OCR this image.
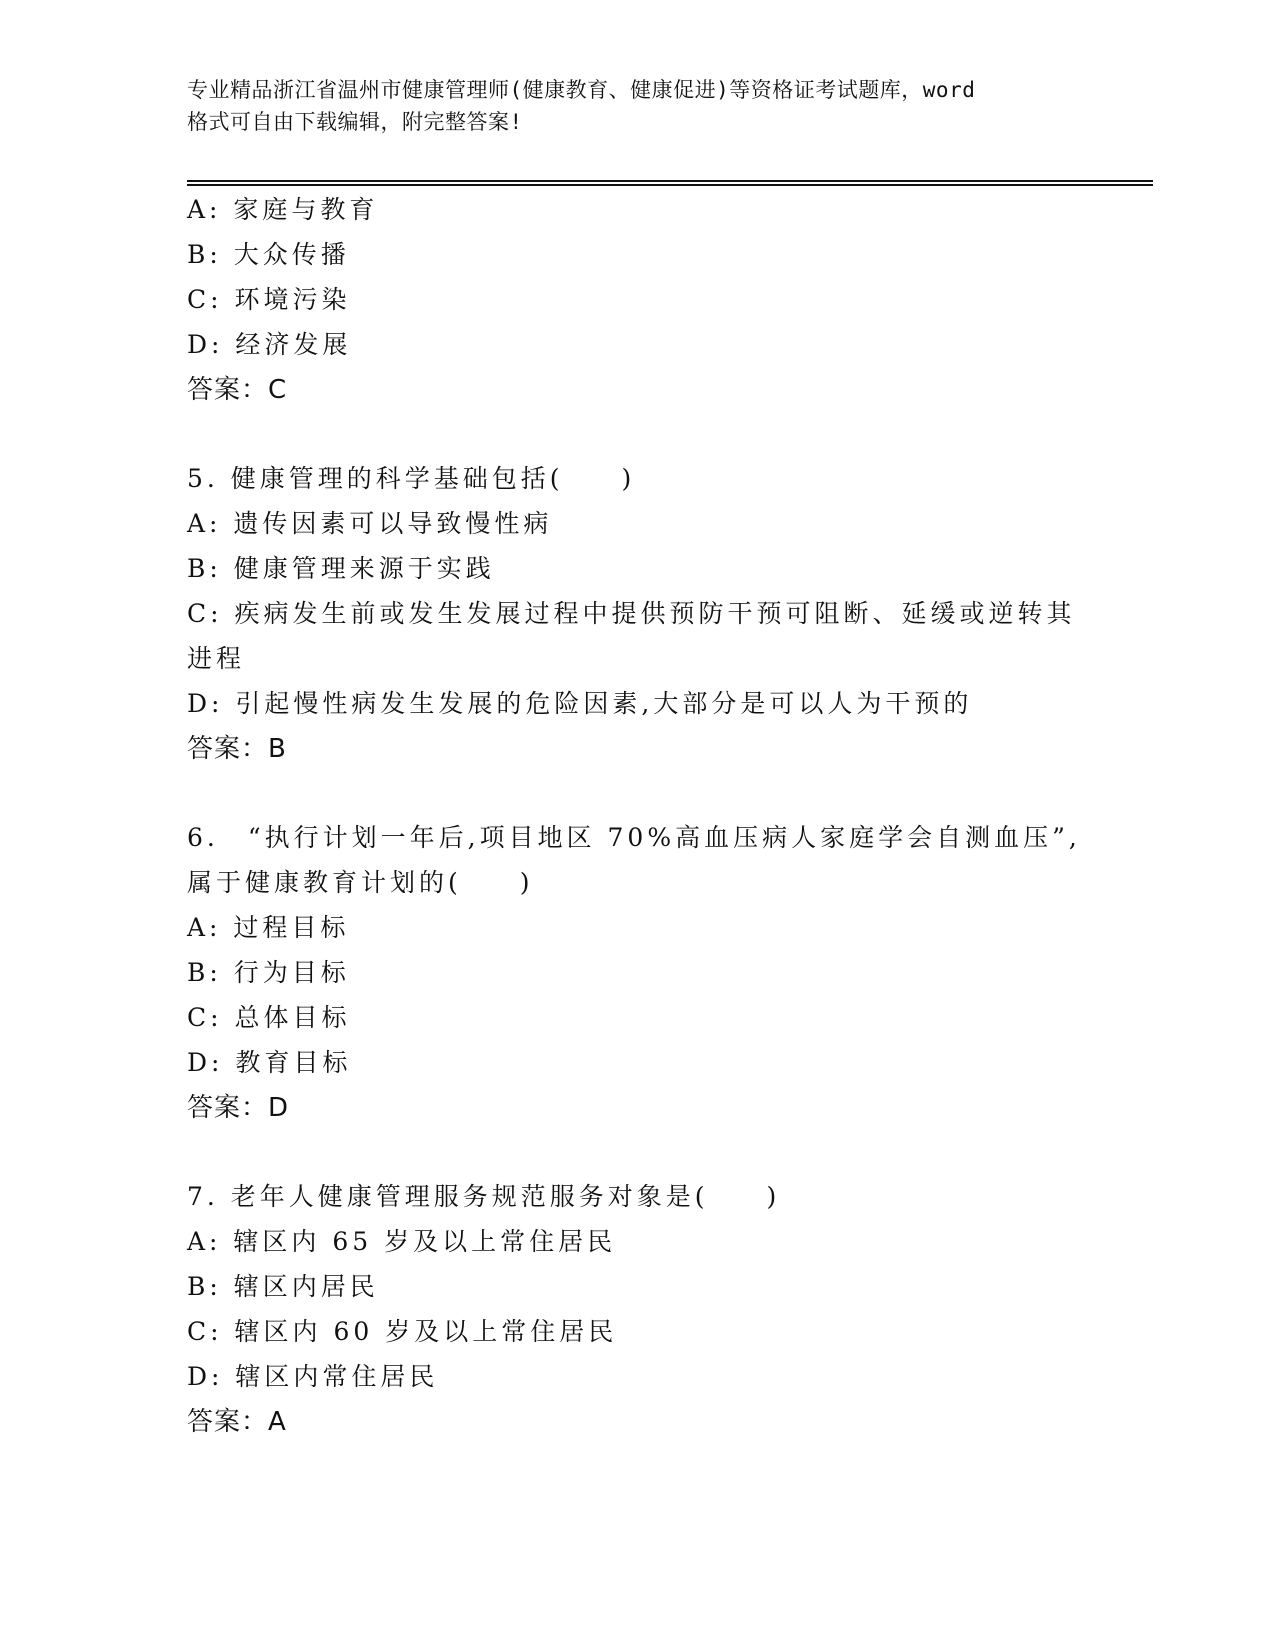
专业精品浙江省温州市健康管理师(健康教育、健康促进)等资格证考试题库，word
格式可自由下载编辑，附完整答案!
A: 家庭与教育
B: 大众传播
C: 环境污染
D: 经济发展
答案：C
5. 健康管理的科学基础包括(　　)
A: 遗传因素可以导致慢性病
B: 健康管理来源于实践
C: 疾病发生前或发生发展过程中提供预防干预可阻断、延缓或逆转其
进程
D: 引起慢性病发生发展的危险因素,大部分是可以人为干预的
答案：B
6.　“执行计划一年后,项目地区 70%高血压病人家庭学会自测血压”,
属于健康教育计划的(　　)
A: 过程目标
B: 行为目标
C: 总体目标
D: 教育目标
答案：D
7. 老年人健康管理服务规范服务对象是(　　)
A: 辖区内 65 岁及以上常住居民
B: 辖区内居民
C: 辖区内 60 岁及以上常住居民
D: 辖区内常住居民
答案：A
